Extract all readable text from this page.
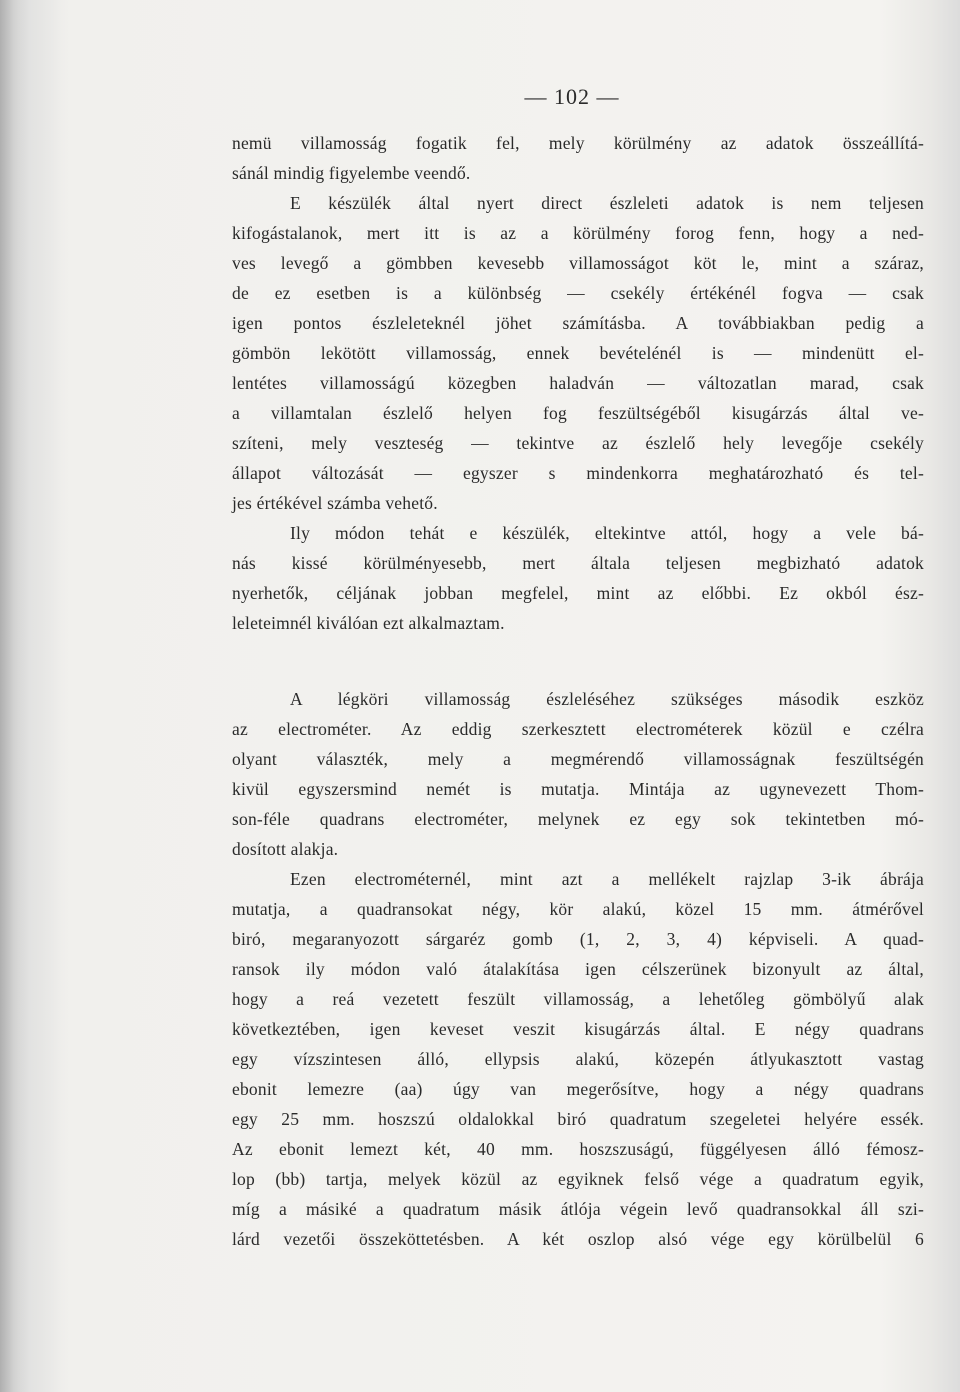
— 102 —
nemü villamosság fogatik fel, mely körülmény az adatok összeállítá-
sánál mindig figyelembe veendő.
E készülék által nyert direct észleleti adatok is nem teljesen
kifogástalanok, mert itt is az a körülmény forog fenn, hogy a ned-
ves levegő a gömbben kevesebb villamosságot köt le, mint a száraz,
de ez esetben is a különbség — csekély értékénél fogva — csak
igen pontos észleleteknél jöhet számításba. A továbbiakban pedig a
gömbön lekötött villamosság, ennek bevételénél is — mindenütt el-
lentétes villamosságú közegben haladván — változatlan marad, csak
a villamtalan észlelő helyen fog feszültségéből kisugárzás által ve-
szíteni, mely veszteség — tekintve az észlelő hely levegője csekély
állapot változását — egyszer s mindenkorra meghatározható és tel-
jes értékével számba vehető.
Ily módon tehát e készülék, eltekintve attól, hogy a vele bá-
nás kissé körülményesebb, mert általa teljesen megbizható adatok
nyerhetők, céljának jobban megfelel, mint az előbbi. Ez okból ész-
leleteimnél kiválóan ezt alkalmaztam.
A légköri villamosság észleléséhez szükséges második eszköz
az electrométer. Az eddig szerkesztett electrométerek közül e czélra
olyant választék, mely a megmérendő villamosságnak feszültségén
kivül egyszersmind nemét is mutatja. Mintája az ugynevezett Thom-
son-féle quadrans electrométer, melynek ez egy sok tekintetben mó-
dosított alakja.
Ezen electrométernél, mint azt a mellékelt rajzlap 3-ik ábrája
mutatja, a quadransokat négy, kör alakú, közel 15 mm. átmérővel
biró, megaranyozott sárgaréz gomb (1, 2, 3, 4) képviseli. A quad-
ransok ily módon való átalakítása igen célszerünek bizonyult az által,
hogy a reá vezetett feszült villamosság, a lehetőleg gömbölyű alak
következtében, igen keveset veszit kisugárzás által. E négy quadrans
egy vízszintesen álló, ellypsis alakú, közepén átlyukasztott vastag
ebonit lemezre (aa) úgy van megerősítve, hogy a négy quadrans
egy 25 mm. hoszszú oldalokkal biró quadratum szegeletei helyére essék.
Az ebonit lemezt két, 40 mm. hoszszuságú, függélyesen álló fémosz-
lop (bb) tartja, melyek közül az egyiknek felső vége a quadratum egyik,
míg a másiké a quadratum másik átlója végein levő quadransokkal áll szi-
lárd vezetői összeköttetésben. A két oszlop alsó vége egy körülbelül 6
